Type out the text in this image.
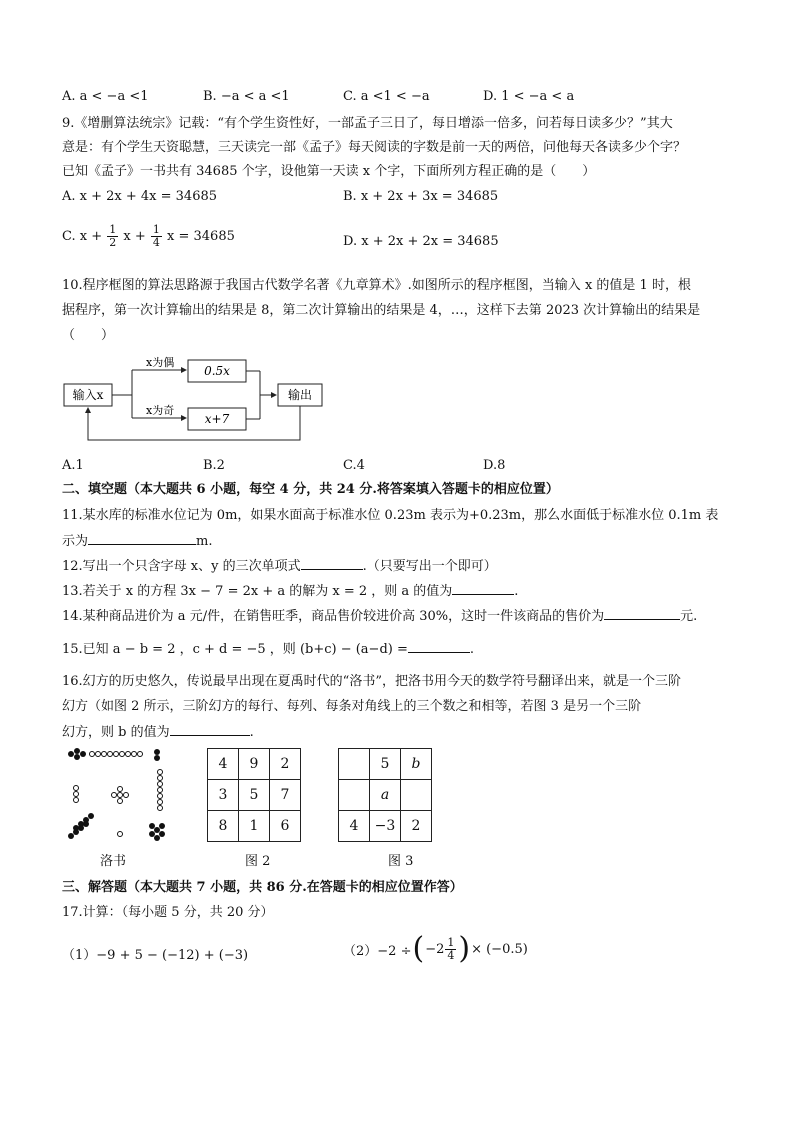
A. a < −a <1	B. −a < a <1	C. a <1 < −a	D. 1 < −a < a
9.《增删算法统宗》记载：“有个学生资性好，一部孟子三日了，每日增添一倍多，问若每日读多少？”其大
意是：有个学生天资聪慧，三天读完一部《孟子》每天阅读的字数是前一天的两倍，问他每天各读多少个字？
已知《孟子》一书共有 34685 个字，设他第一天读 x 个字，下面所列方程正确的是（　　）
A. x + 2x + 4x = 34685	B. x + 2x + 3x = 34685
C. $x + \frac{1}{2}$ $x + \frac{1}{4}$ x = 34685	D. x + 2x + 2x = 34685
10.程序框图的算法思路源于我国古代数学名著《九章算术》.如图所示的程序框图，当输入 x 的值是 1 时，根
据程序，第一次计算输出的结果是 8，第二次计算输出的结果是 4，…，这样下去第 2023 次计算输出的结果是
（　　）
输入x
x为偶
x为奇
0.5x
x+7
输出
A.1	B.2	C.4	D.8
二、填空题（本大题共 6 小题，每空 4 分，共 24 分.将答案填入答题卡的相应位置）
11.某水库的标准水位记为 0m，如果水面高于标准水位 0.23m 表示为+0.23m，那么水面低于标准水位 0.1m 表
示为	m.
12.写出一个只含字母 x、y 的三次单项式	.（只要写出一个即可）
13.若关于 x 的方程 3x − 7 = 2x + a 的解为 x = 2 ，则 a 的值为	.
14.某种商品进价为 a 元/件，在销售旺季，商品售价较进价高 30%，这时一件该商品的售价为	元.
15.已知 a − b = 2 ，c + d = −5 ，则 (b+c) − (a−d) =	.
16.幻方的历史悠久，传说最早出现在夏禹时代的“洛书”，把洛书用今天的数学符号翻译出来，就是一个三阶
幻方（如图 2 所示，三阶幻方的每行、每列、每条对角线上的三个数之和相等，若图 3 是另一个三阶
幻方，则 b 的值为	.
洛书
4	9	2
3	5	7
8	1	6
图 2
	5	b
	a	
4	−3	2
图 3
三、解答题（本大题共 7 小题，共 86 分.在答题卡的相应位置作答）
17.计算：（每小题 5 分，共 20 分）
（1）−9 + 5 − (−12) + (−3)	（2）−2 ÷ ( $-2 \frac{1}{4}$ ) × (−0.5)
